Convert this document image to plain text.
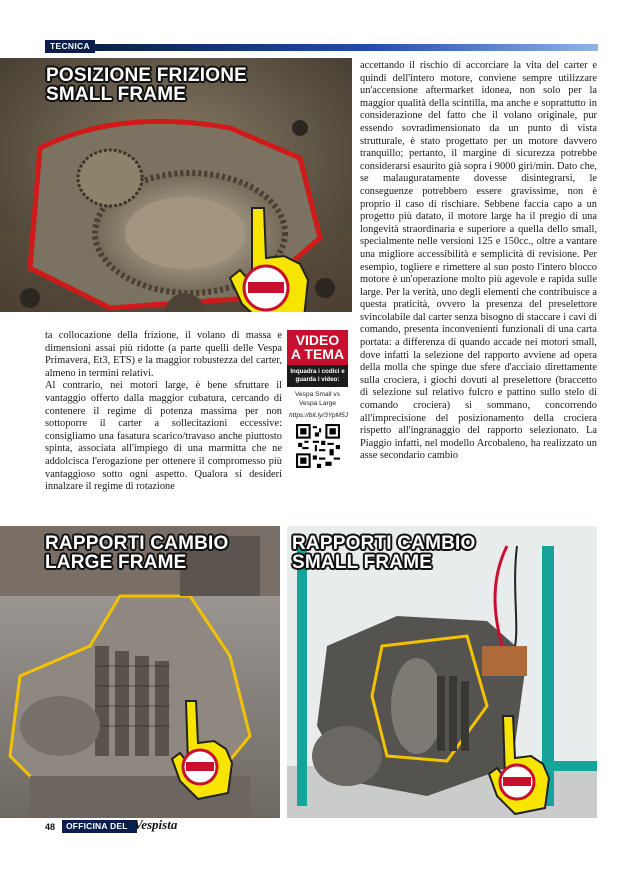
TECNICA
POSIZIONE FRIZIONE
SMALL FRAME
ta collocazione della frizione, il volano di massa e dimensioni assai più ridotte (a parte quelli delle Vespa Primavera, Et3, ETS) e la maggior robustezza del carter, almeno in termini relativi.
Al contrario, nei motori large, è bene sfruttare il vantaggio offerto dalla maggior cubatura, cercando di contenere il regime di potenza massima per non sottoporre il carter a sollecitazioni eccessive: consigliamo una fasatura scarico/travaso anche piuttosto spinta, associata all'impiego di una marmitta che ne addolcisca l'erogazione per ottenere il compromesso più vantaggioso sotto ogni aspetto. Qualora si desideri innalzare il regime di rotazione
VIDEO
A TEMA
Inquadra i codici e guarda i video:
Vespa Small vs Vespa Large
https://bit.ly/3YpM5J
accettando il rischio di accorciare la vita del carter e quindi dell'intero motore, conviene sempre utilizzare un'accensione aftermarket idonea, non solo per la maggior qualità della scintilla, ma anche e soprattutto in considerazione del fatto che il volano originale, pur essendo sovradimensionato da un punto di vista strutturale, è stato progettato per un motore davvero tranquillo; pertanto, il margine di sicurezza potrebbe considerarsi esaurito già sopra i 9000 giri/min. Dato che, se malauguratamente dovesse disintegrarsi, le conseguenze potrebbero essere gravissime, non è proprio il caso di rischiare. Sebbene faccia capo a un progetto più datato, il motore large ha il pregio di una longevità straordinaria e superiore a quella dello small, specialmente nelle versioni 125 e 150cc., oltre a vantare una migliore accessibilità e semplicità di revisione. Per esempio, togliere e rimettere al suo posto l'intero blocco motore è un'operazione molto più agevole e rapida sulle large. Per la verità, uno degli elementi che contribuisce a questa praticità, ovvero la presenza del preselettore svincolabile dal carter senza bisogno di staccare i cavi di comando, presenta inconvenienti funzionali di una carta portata: a differenza di quando accade nei motori small, dove infatti la selezione del rapporto avviene ad opera della molla che spinge due sfere d'acciaio direttamente sulla crociera, i giochi dovuti al preselettore (braccetto di selezione sul relativo fulcro e pattino sullo stelo di comando crociera) si sommano, concorrendo all'imprecisione del posizionamento della crociera rispetto all'ingranaggio del rapporto selezionato. La Piaggio infatti, nel modello Arcobaleno, ha realizzato un asse secondario cambio
RAPPORTI CAMBIO
LARGE FRAME
RAPPORTI CAMBIO
SMALL FRAME
48 OFFICINA DEL Vespista
